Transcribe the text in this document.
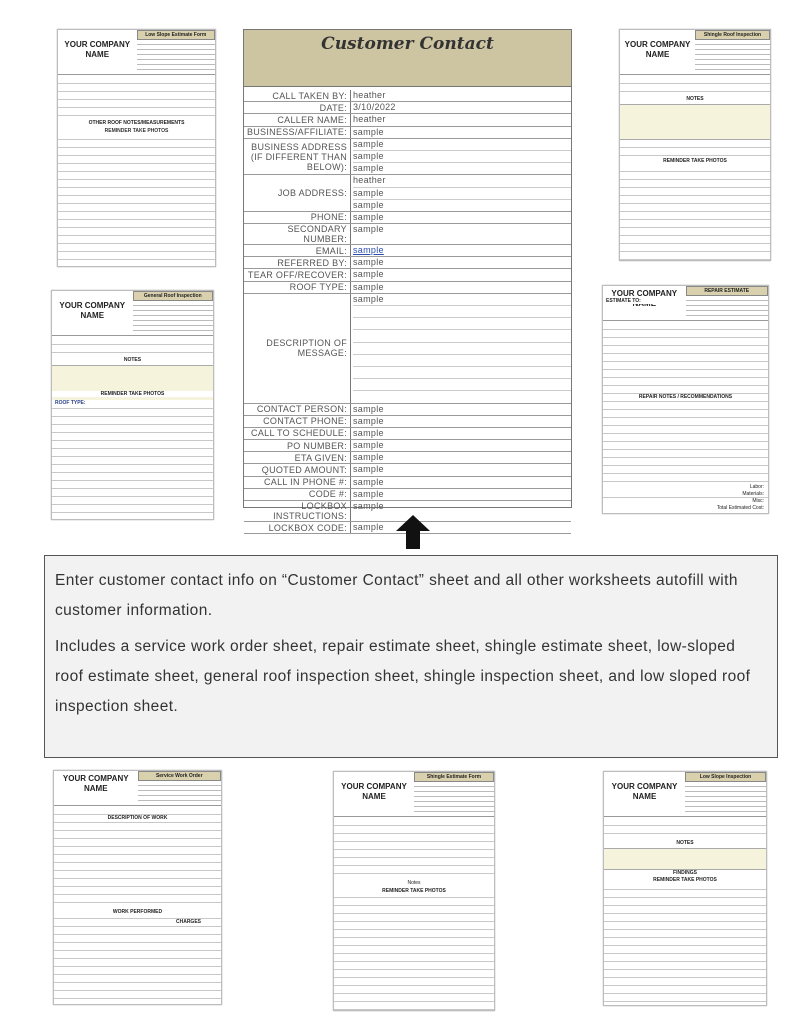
YOUR COMPANY NAME
Low Slope Estimate Form
OTHER ROOF NOTES/MEASUREMENTS
REMINDER TAKE PHOTOS
YOUR COMPANY NAME
Shingle Roof Inspection
NOTES
REMINDER TAKE PHOTOS
YOUR COMPANY NAME
General Roof Inspection
NOTES
REMINDER TAKE PHOTOS
ROOF TYPE:
YOUR COMPANY	REPAIR ESTIMATE
ESTIMATE TO:
REPAIR NOTES / RECOMMENDATIONS
Labor:
Materials:
Misc:
Total Estimated Cost:
Customer Contact
CALL TAKEN BY: heather
DATE: 3/10/2022
CALLER NAME: heather
BUSINESS/AFFILIATE: sample
BUSINESS ADDRESS (IF DIFFERENT THAN BELOW):
sample
sample
sample
JOB ADDRESS:
heather
sample
sample
PHONE: sample
SECONDARY NUMBER:
sample
EMAIL: sample
REFERRED BY: sample
TEAR OFF/RECOVER: sample
ROOF TYPE: sample
DESCRIPTION OF MESSAGE:
sample
CONTACT PERSON: sample
CONTACT PHONE: sample
CALL TO SCHEDULE: sample
PO NUMBER: sample
ETA GIVEN: sample
QUOTED AMOUNT: sample
CALL IN PHONE #: sample
CODE #: sample
LOCKBOX INSTRUCTIONS:
sample
LOCKBOX CODE: sample

Enter customer contact info on “Customer Contact” sheet and all other worksheets autofill with customer information.

Includes a service work order sheet, repair estimate sheet, shingle estimate sheet, low-sloped roof estimate sheet, general roof inspection sheet, shingle inspection sheet, and low sloped roof inspection sheet.

YOUR COMPANY NAME
Service Work Order
DESCRIPTION OF WORK
WORK PERFORMED
CHARGES
YOUR COMPANY NAME
Shingle Estimate Form
Notes
REMINDER TAKE PHOTOS
YOUR COMPANY NAME
Low Slope Inspection
NOTES
FINDINGS
REMINDER TAKE PHOTOS
